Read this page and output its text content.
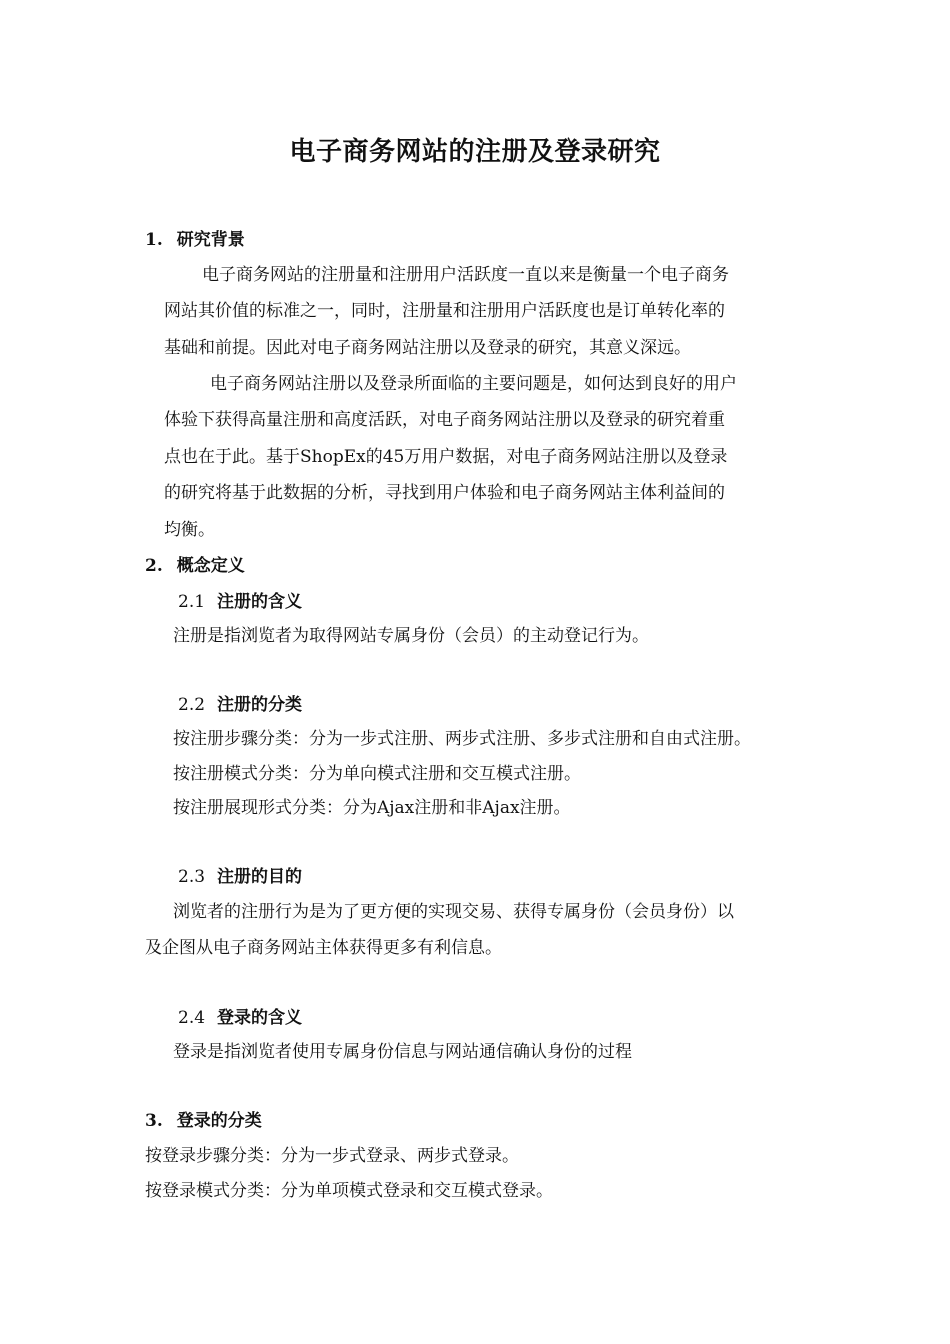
电子商务网站的注册及登录研究
1. 研究背景
电子商务网站的注册量和注册用户活跃度一直以来是衡量一个电子商务
网站其价值的标准之一，同时，注册量和注册用户活跃度也是订单转化率的
基础和前提。因此对电子商务网站注册以及登录的研究，其意义深远。
电子商务网站注册以及登录所面临的主要问题是，如何达到良好的用户
体验下获得高量注册和高度活跃，对电子商务网站注册以及登录的研究着重
点也在于此。基于ShopEx的45万用户数据，对电子商务网站注册以及登录
的研究将基于此数据的分析，寻找到用户体验和电子商务网站主体利益间的
均衡。
2. 概念定义
2.1 注册的含义
注册是指浏览者为取得网站专属身份（会员）的主动登记行为。
2.2 注册的分类
按注册步骤分类：分为一步式注册、两步式注册、多步式注册和自由式注册。
按注册模式分类：分为单向模式注册和交互模式注册。
按注册展现形式分类：分为Ajax注册和非Ajax注册。
2.3 注册的目的
浏览者的注册行为是为了更方便的实现交易、获得专属身份（会员身份）以
及企图从电子商务网站主体获得更多有利信息。
2.4 登录的含义
登录是指浏览者使用专属身份信息与网站通信确认身份的过程
3. 登录的分类
按登录步骤分类：分为一步式登录、两步式登录。
按登录模式分类：分为单项模式登录和交互模式登录。
